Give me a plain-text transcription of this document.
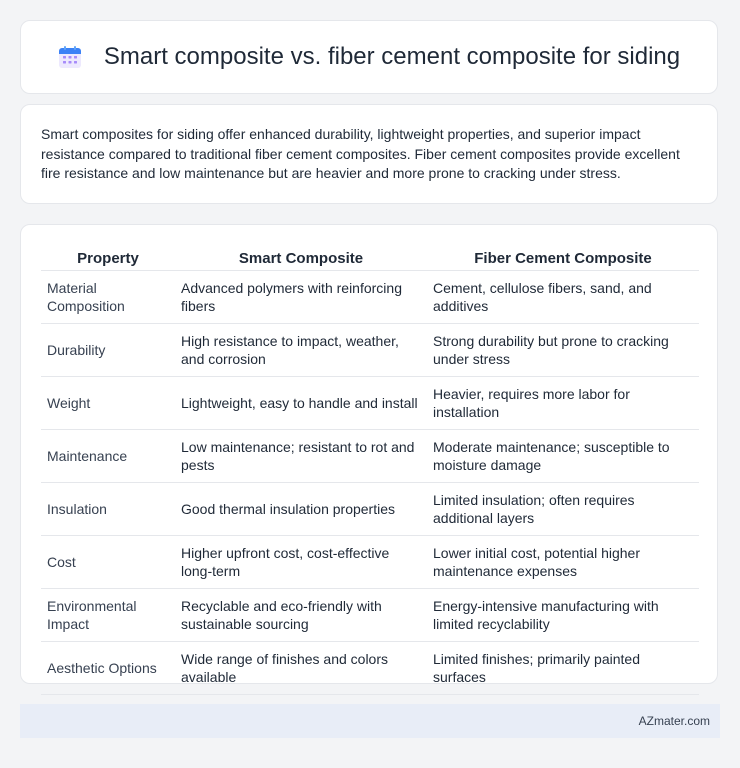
Smart composite vs. fiber cement composite for siding

Smart composites for siding offer enhanced durability, lightweight properties, and superior impact resistance compared to traditional fiber cement composites. Fiber cement composites provide excellent fire resistance and low maintenance but are heavier and more prone to cracking under stress.

Property	Smart Composite	Fiber Cement Composite
Material Composition	Advanced polymers with reinforcing fibers	Cement, cellulose fibers, sand, and additives
Durability	High resistance to impact, weather, and corrosion	Strong durability but prone to cracking under stress
Weight	Lightweight, easy to handle and install	Heavier, requires more labor for installation
Maintenance	Low maintenance; resistant to rot and pests	Moderate maintenance; susceptible to moisture damage
Insulation	Good thermal insulation properties	Limited insulation; often requires additional layers
Cost	Higher upfront cost, cost-effective long-term	Lower initial cost, potential higher maintenance expenses
Environmental Impact	Recyclable and eco-friendly with sustainable sourcing	Energy-intensive manufacturing with limited recyclability
Aesthetic Options	Wide range of finishes and colors available	Limited finishes; primarily painted surfaces
AZmater.com
